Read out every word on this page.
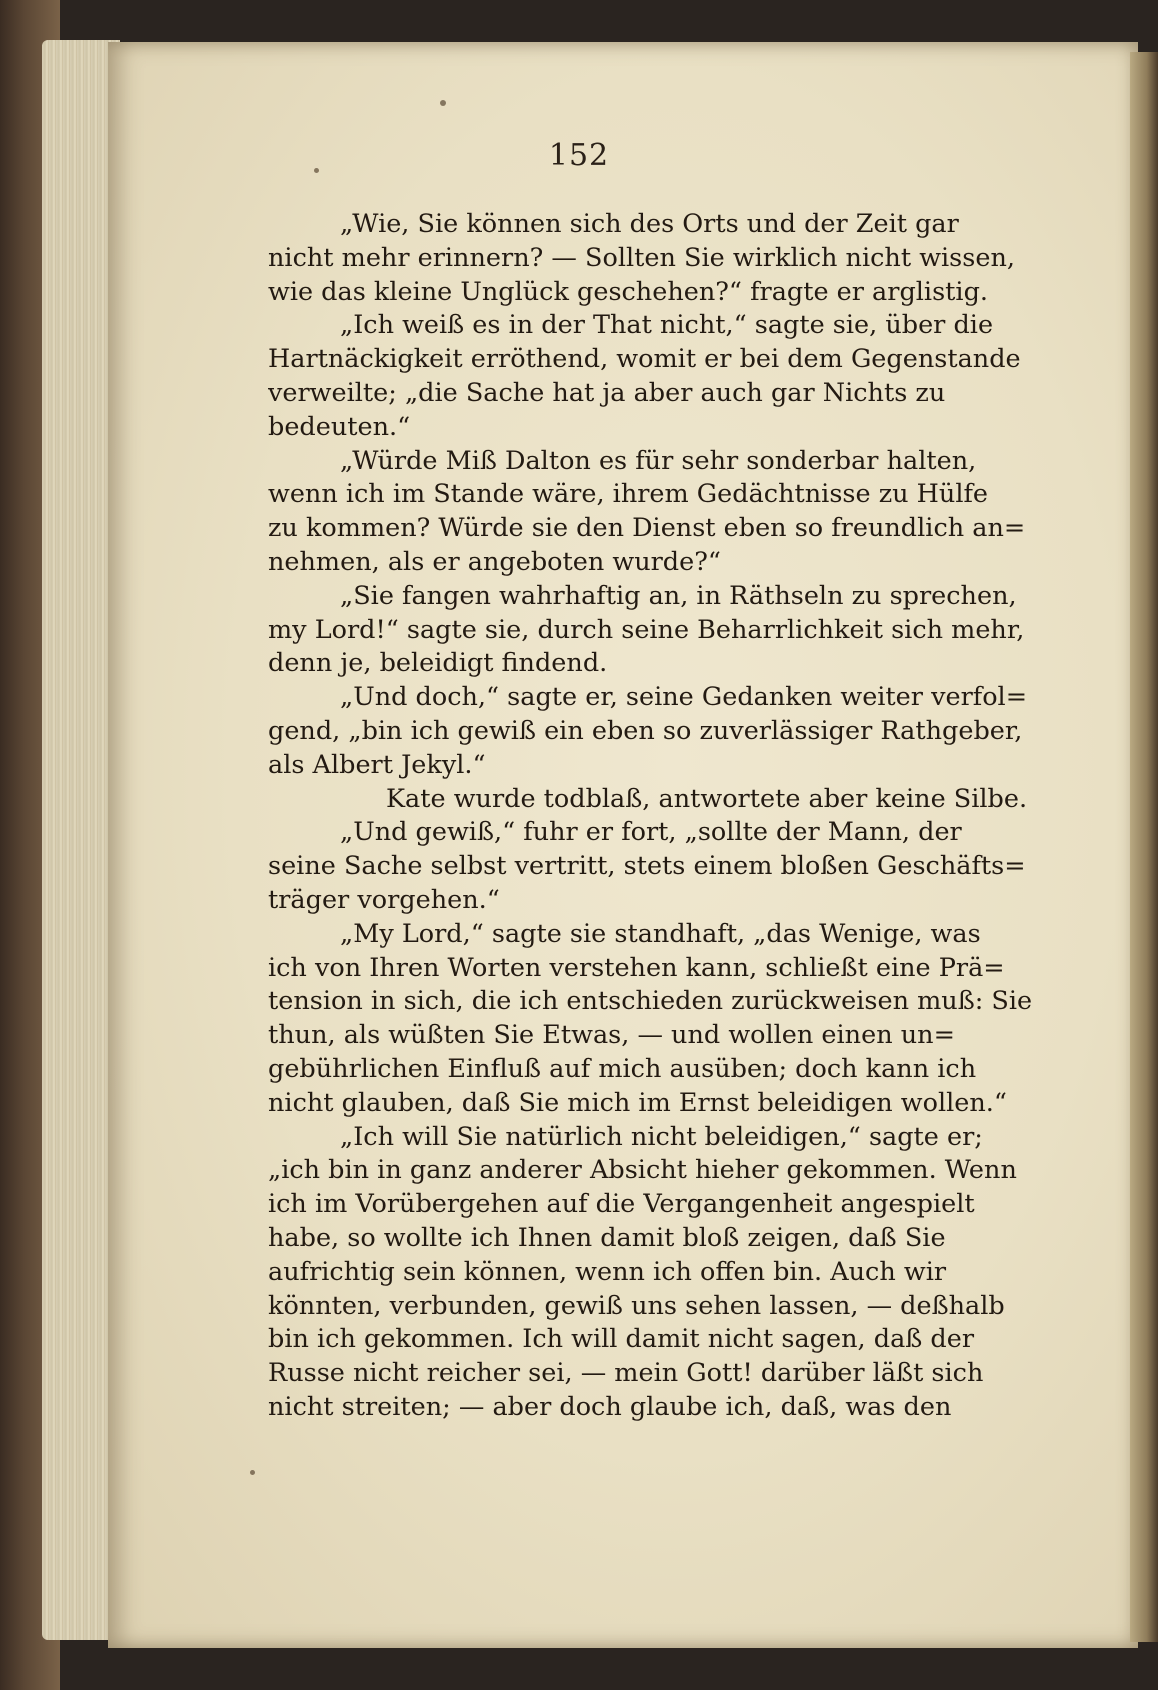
152
„Wie, Sie können sich des Orts und der Zeit gar
nicht mehr erinnern? — Sollten Sie wirklich nicht wissen,
wie das kleine Unglück geschehen?“ fragte er arglistig.
„Ich weiß es in der That nicht,“ sagte sie, über die
Hartnäckigkeit erröthend, womit er bei dem Gegenstande
verweilte; „die Sache hat ja aber auch gar Nichts zu
bedeuten.“
„Würde Miß Dalton es für sehr sonderbar halten,
wenn ich im Stande wäre, ihrem Gedächtnisse zu Hülfe
zu kommen? Würde sie den Dienst eben so freundlich an=
nehmen, als er angeboten wurde?“
„Sie fangen wahrhaftig an, in Räthseln zu sprechen,
my Lord!“ sagte sie, durch seine Beharrlichkeit sich mehr,
denn je, beleidigt findend.
„Und doch,“ sagte er, seine Gedanken weiter verfol=
gend, „bin ich gewiß ein eben so zuverlässiger Rathgeber,
als Albert Jekyl.“
Kate wurde todblaß, antwortete aber keine Silbe.
„Und gewiß,“ fuhr er fort, „sollte der Mann, der
seine Sache selbst vertritt, stets einem bloßen Geschäfts=
träger vorgehen.“
„My Lord,“ sagte sie standhaft, „das Wenige, was
ich von Ihren Worten verstehen kann, schließt eine Prä=
tension in sich, die ich entschieden zurückweisen muß: Sie
thun, als wüßten Sie Etwas, — und wollen einen un=
gebührlichen Einfluß auf mich ausüben; doch kann ich
nicht glauben, daß Sie mich im Ernst beleidigen wollen.“
„Ich will Sie natürlich nicht beleidigen,“ sagte er;
„ich bin in ganz anderer Absicht hieher gekommen. Wenn
ich im Vorübergehen auf die Vergangenheit angespielt
habe, so wollte ich Ihnen damit bloß zeigen, daß Sie
aufrichtig sein können, wenn ich offen bin. Auch wir
könnten, verbunden, gewiß uns sehen lassen, — deßhalb
bin ich gekommen. Ich will damit nicht sagen, daß der
Russe nicht reicher sei, — mein Gott! darüber läßt sich
nicht streiten; — aber doch glaube ich, daß, was den
